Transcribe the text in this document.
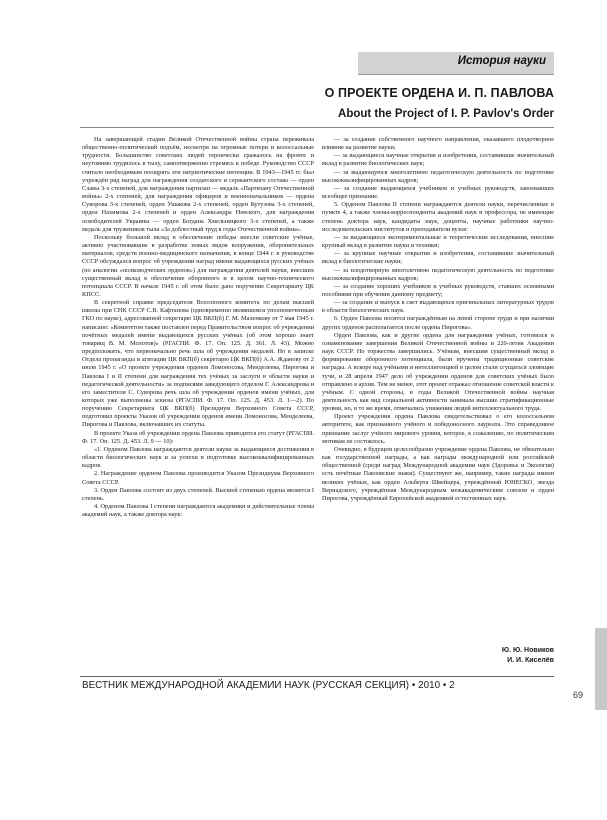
История науки
О ПРОЕКТЕ ОРДЕНА И. П. ПАВЛОВА
About the Project of I. P. Pavlov's Order

На завершающей стадии Великой Отечественной войны страна переживала общественно-политический подъём, несмотря на огромные потери и колоссальные трудности. Большинство советских людей героически сражалось на фронте и неутомимо трудилось в тылу, самоотверженно стремясь к победе. Руководство СССР считало необходимым поощрять эти патриотические интенции. В 1943—1945 гг. был учреждён ряд наград для награждения солдатского и сержантского состава — орден Славы 3-х степеней, для награждения партизан — медаль «Партизану Отечественной войны» 2-х степеней, для награждения офицеров и военноначальников — ордена Суворова 3-х степеней, орден Ушакова 2-х степеней, орден Кутузова 3-х степеней, орден Нахимова 2-х степеней и орден Александра Невского, для награждения освободителей Украины — орден Богдана Хмельницкого 3-х степеней, а также медаль для тружеников тыла «За доблестный труд в годы Отечественной войны».

Поскольку большой вклад в обеспечение победы внесли советские учёные, активно участвовавшие в разработке новых видов вооружения, оборонительных материалов, средств военно-медицинского назначения, в конце 1944 г. в руководстве СССР обсуждался вопрос об учреждении наград имени выдающихся русских учёных (по аналогии «полководческих орденов») для награждения деятелей науки, внесших существенный вклад в обеспечение оборонного и в целом научно-технического потенциала СССР. В начале 1945 г. об этом было дано поручение Секретариату ЦК КПСС.

В секретной справке председателя Всесоюзного комитета по делам высшей школы при СНК СССР С.В. Кафтанова (одновременно являвшемся уполномоченным ГКО по науке), адресованной секретарю ЦК ВКП(б) Г. М. Маленкову от 7 мая 1945 г. написано: «Комитетом также поставлен перед Правительством вопрос об учреждении почётных медалей имени выдающихся русских учёных (об этом хорошо знает товарищ В. М. Молотов)» (РГАСПИ. Ф. 17. Оп. 125. Д. 361. Л. 43). Можно предположить, что первоначально речь шла об учреждении медалей. Но в записке Отдела пропаганды и агитации ЦК ВКП(б) секретарю ЦК ВКП(б) А.А. Жданову от 2 июля 1945 г. «О проекте учреждения орденов Ломоносова, Менделеева, Пирогова и Павлова I и II степени для награждения тех учёных за заслуги в области науки и педагогической деятельности» за подписями заведующего отделом Г. Александрова и его заместителя С. Суворова речь шла об учреждении орденов имени учёных, для которых уже выполнены эскизы (РГАСПИ. Ф. 17. Оп. 125. Д. 453. Л. 1—2). По поручению Секретариата ЦК ВКП(б) Президиум Верховного Совета СССР, подготовил проекты Указов об учреждении орденов имени Ломоносова, Менделеева, Пирогова и Павлова, включавших их статуты.

В проекте Указа об учреждении ордена Павлова приводится его статут (РГАСПИ. Ф. 17. Оп. 125. Д. 453. Л. 9 — 10):

«1. Орденом Павлова награждаются деятели науки за выдающиеся достижения в области биологических наук и за успехи в подготовке высококвалифицированных кадров.

2. Награждение орденом Павлова производится Указом Президиума Верховного Совета СССР.

3. Орден Павлова состоит из двух степеней. Высшей степенью ордена является I степень.

4. Орденом Павлова I степени награждаются академики и действительные члены академий наук, а также доктора наук:

— за создание собственного научного направления, оказавшего плодотворное влияние на развитие науки;

— за выдающиеся научные открытия и изобретения, составившие значительный вклад в развитие биологических наук;

— за выдающуюся многолетнюю педагогическую деятельность по подготовке высококвалифицированных кадров;

— за создание выдающихся учебников и учебных руководств, завоевавших всеобщее признание.

5. Орденом Павлова II степени награждаются деятели науки, перечисленные в пункте 4, а также члены-корреспонденты академий наук и профессора, не имеющие степень доктора наук, кандидаты наук, доценты, научные работники научно-исследовательских институтов и преподаватели вузов:

— за выдающиеся экспериментальные и теоретические исследования, внесшие крупный вклад в развитие науки и техники;

— за крупные научные открытия и изобретения, составившие значительный вклад в биологические науки;

— за плодотворную многолетнюю педагогическую деятельность по подготовке высококвалифицированных кадров;

— за создание хороших учебников и учебных руководств, ставших основными пособиями при обучении данному предмету;

— за создание и выпуск в свет выдающихся оригинальных литературных трудов в области биологических наук.

6. Орден Павлова носится награждённым на левой стороне груди и при наличии других орденов располагается после ордена Пирогова».

Орден Павлова, как и другие ордена для награждения учёных, готовился в ознаменование завершения Великой Отечественной войны и 220-летия Академии наук СССР. Но торжества завершились. Учёным, внесшим существенный вклад в формирование оборонного потенциала, были вручены традиционные советские награды. А вскоре над учёными и интеллигенцией в целом стали сгущаться зловещие тучи, и 28 апреля 1947 дело об учреждении орденов для советских учёных было отправлено в архив. Тем не менее, этот проект отражал отношение советской власти к учёным. С одной стороны, в годы Великой Отечественной войны научная деятельность как вид социальной активности занимала высшие стратификационные уровни, но, в то же время, отмечались унижения людей интеллектуального труда.

Проект учреждения ордена Павлова свидетельствовал о его колоссальном авторитете, как признанного учёного и победоносного лауреата. Это справедливое признание заслуг учёного мирового уровня, которое, к сожалению, по политическим мотивам не состоялось.

Очевидно, в будущем целесообразно учреждение ордена Павлова, не обязательно как государственной награды, а как награды международной или российской общественной (среди наград Международной академии наук (Здоровье и Экология) есть почётные Павловские знаки). Существуют же, например, такие награды имени великих учёных, как орден Альберта Швейцера, учреждённый ЮНЕСКО, звезда Вернадского, учреждённая Международным межакадемическим союзом и орден Пирогова, учреждённый Европейской академией естественных наук.

Ю. Ю. Новиков
И. И. Киселёв
ВЕСТНИК МЕЖДУНАРОДНОЙ АКАДЕМИИ НАУК (РУССКАЯ СЕКЦИЯ) • 2010 • 2
69
